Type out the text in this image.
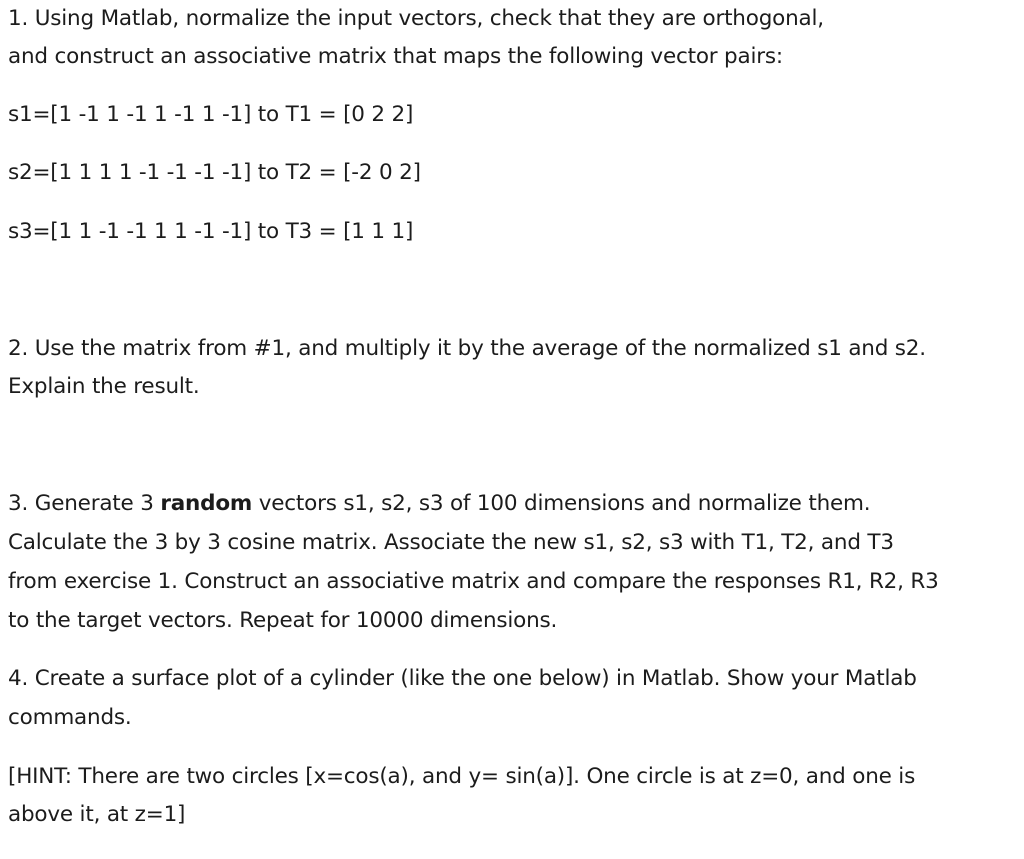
1. Using Matlab, normalize the input vectors, check that they are orthogonal,
and construct an associative matrix that maps the following vector pairs:
s1=[1 -1 1 -1 1 -1 1 -1] to T1 = [0 2 2]
s2=[1 1 1 1 -1 -1 -1 -1] to T2 = [-2 0 2]
s3=[1 1 -1 -1 1 1 -1 -1] to T3 = [1 1 1]
2. Use the matrix from #1, and multiply it by the average of the normalized s1 and s2.
Explain the result.
3. Generate 3 random vectors s1, s2, s3 of 100 dimensions and normalize them.
Calculate the 3 by 3 cosine matrix. Associate the new s1, s2, s3 with T1, T2, and T3
from exercise 1. Construct an associative matrix and compare the responses R1, R2, R3
to the target vectors. Repeat for 10000 dimensions.
4. Create a surface plot of a cylinder (like the one below) in Matlab. Show your Matlab
commands.
[HINT: There are two circles [x=cos(a), and y= sin(a)]. One circle is at z=0, and one is
above it, at z=1]
